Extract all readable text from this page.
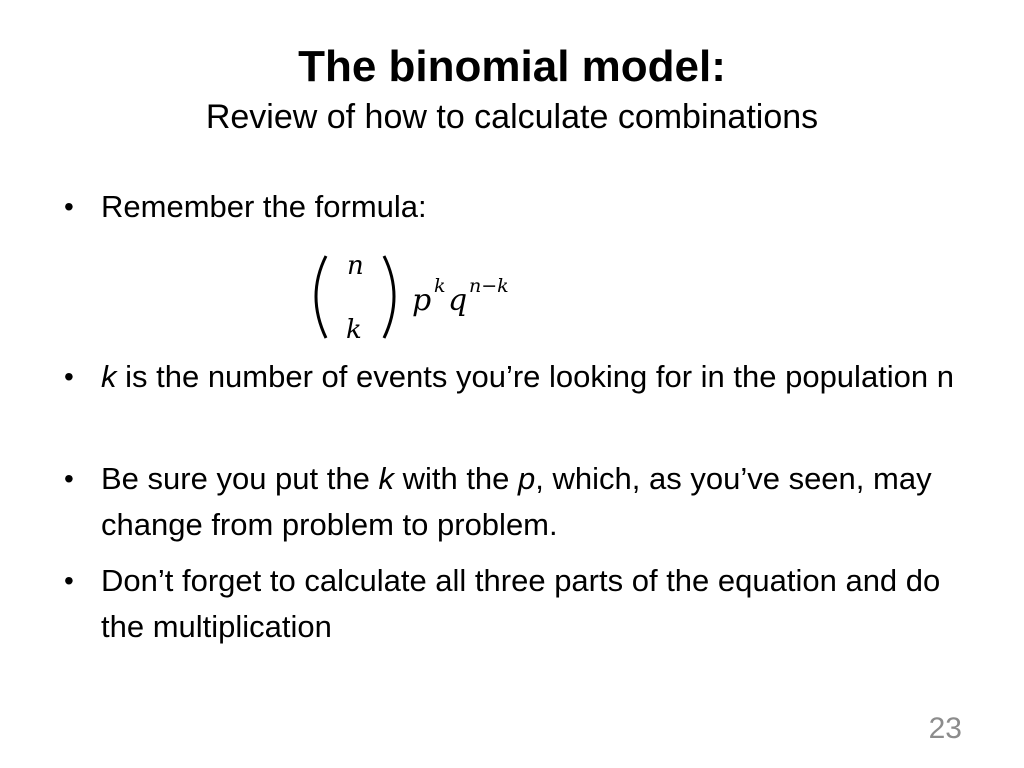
The binomial model:

Review of how to calculate combinations

• Remember the formula:
• k is the number of events you’re looking for in the population n
• Be sure you put the k with the p, which, as you’ve seen, may change from problem to problem.
• Don’t forget to calculate all three parts of the equation and do the multiplication
n
k
p k q n−k
23
